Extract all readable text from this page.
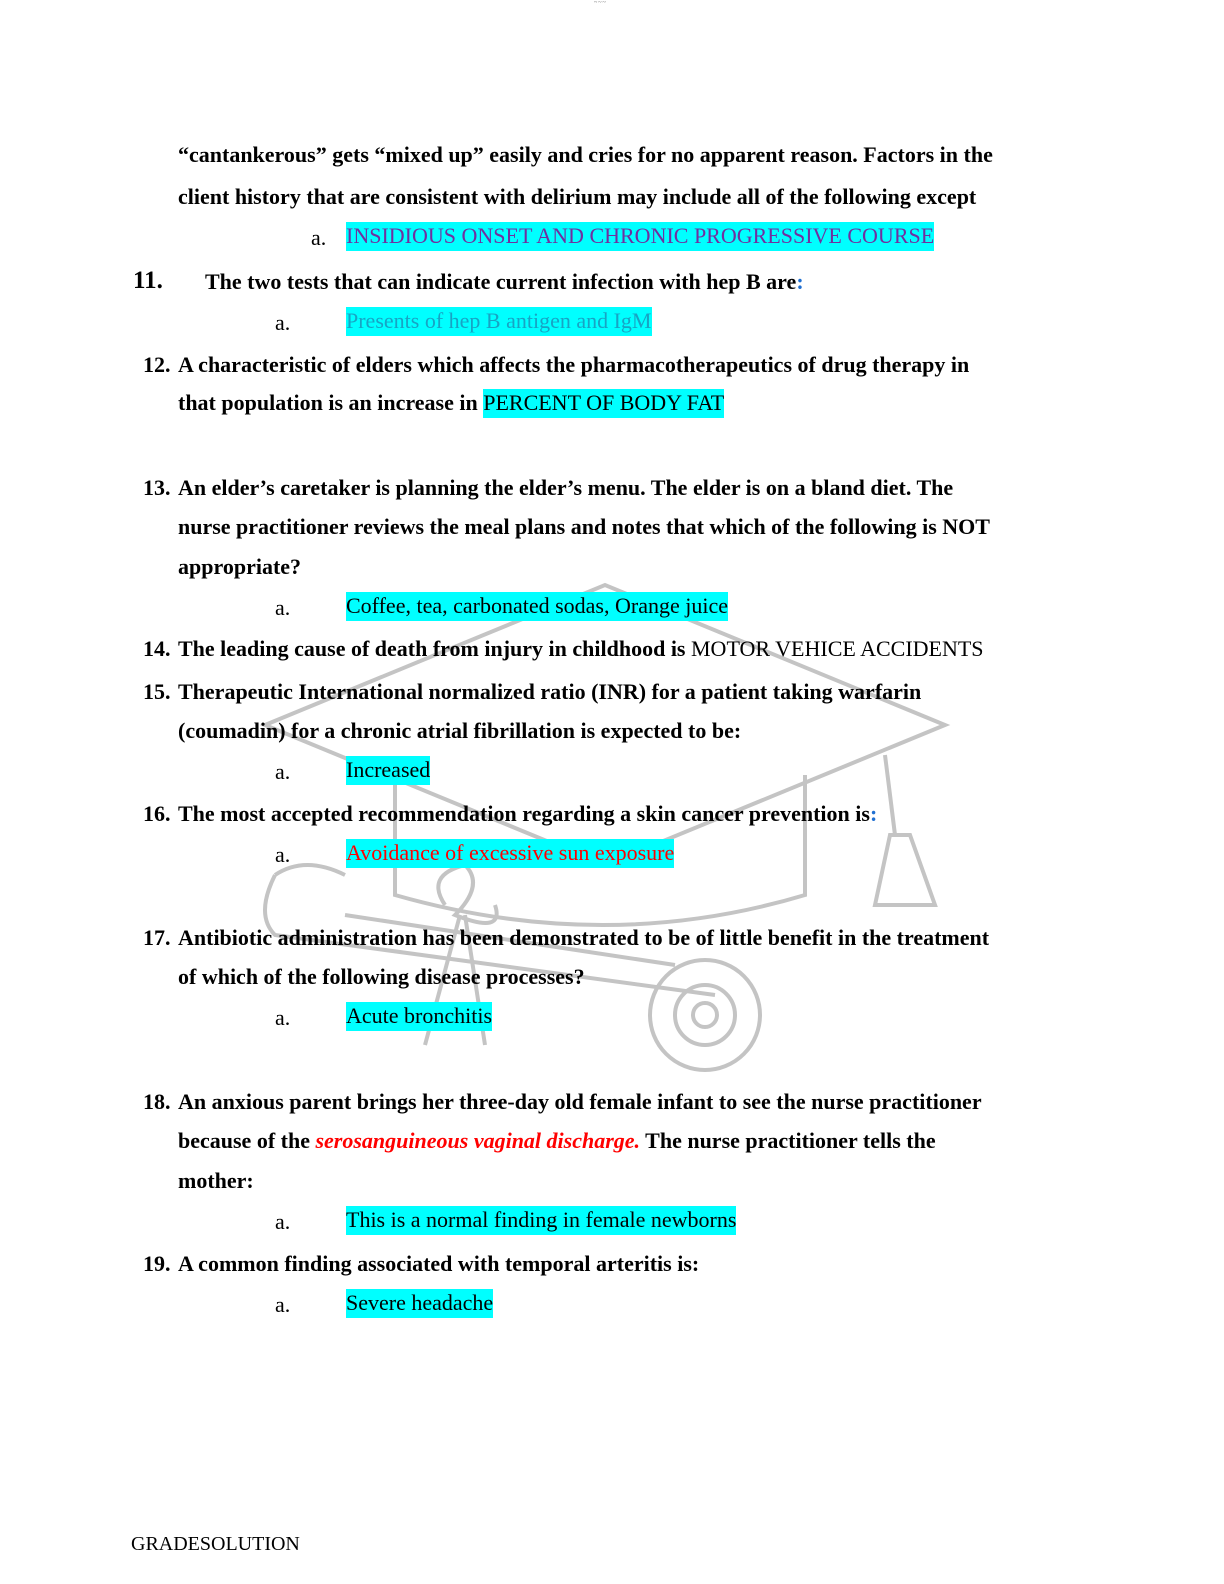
~~~
“cantankerous” gets “mixed up” easily and cries for no apparent reason. Factors in the
client history that are consistent with delirium may include all of the following except
a. INSIDIOUS ONSET AND CHRONIC PROGRESSIVE COURSE
11. The two tests that can indicate current infection with hep B are:
a.	Presents of hep B antigen and IgM
12. A characteristic of elders which affects the pharmacotherapeutics of drug therapy in
that population is an increase in PERCENT OF BODY FAT
13. An elder’s caretaker is planning the elder’s menu. The elder is on a bland diet. The
nurse practitioner reviews the meal plans and notes that which of the following is NOT
appropriate?
a.	Coffee, tea, carbonated sodas, Orange juice
14. The leading cause of death from injury in childhood is MOTOR VEHICE ACCIDENTS
15. Therapeutic International normalized ratio (INR) for a patient taking warfarin
(coumadin) for a chronic atrial fibrillation is expected to be:
a.	Increased
16. The most accepted recommendation regarding a skin cancer prevention is:
a.	Avoidance of excessive sun exposure
17. Antibiotic administration has been demonstrated to be of little benefit in the treatment
of which of the following disease processes?
a.	Acute bronchitis
18. An anxious parent brings her three-day old female infant to see the nurse practitioner
because of the serosanguineous vaginal discharge. The nurse practitioner tells the
mother:
a.	This is a normal finding in female newborns
19. A common finding associated with temporal arteritis is:
a.	Severe headache
GRADESOLUTION
